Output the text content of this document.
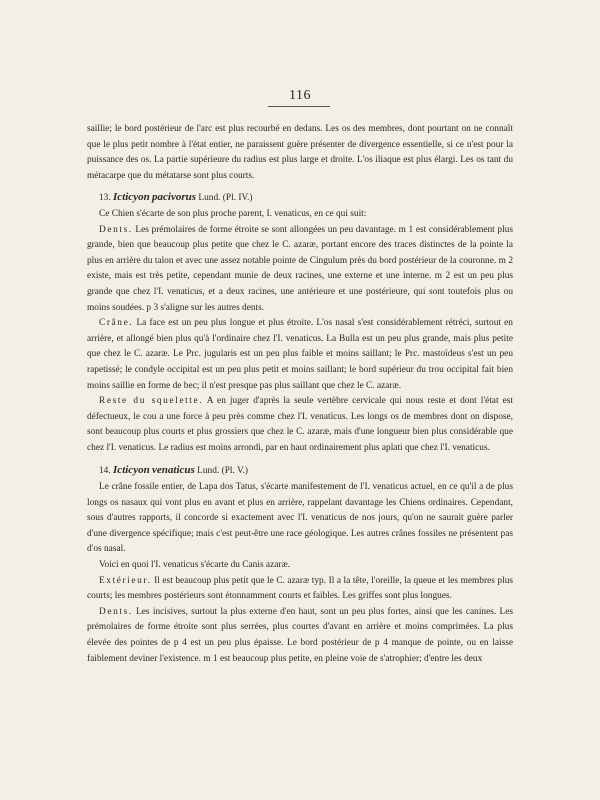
116

saillie; le bord postérieur de l'arc est plus recourbé en dedans. Les os des membres, dont pourtant on ne connaît que le plus petit nombre à l'état entier, ne paraissent guère présenter de divergence essentielle, si ce n'est pour la puissance des os. La partie supérieure du radius est plus large et droite. L'os iliaque est plus élargi. Les os tant du métacarpe que du métatarse sont plus courts.

13. Icticyon pacivorus Lund. (Pl. IV.)

Ce Chien s'écarte de son plus proche parent, I. venaticus, en ce qui suit:

Dents. Les prémolaires de forme étroite se sont allongées un peu davantage. m 1 est considérablement plus grande, bien que beaucoup plus petite que chez le C. azaræ, portant encore des traces distinctes de la pointe la plus en arrière du talon et avec une assez notable pointe de Cingulum près du bord postérieur de la couronne. m 2 existe, mais est très petite, cependant munie de deux racines, une externe et une interne. m 2 est un peu plus grande que chez l'I. venaticus, et a deux racines, une antérieure et une postérieure, qui sont toutefois plus ou moins soudées. p 3 s'aligne sur les autres dents.

Crâne. La face est un peu plus longue et plus étroite. L'os nasal s'est considérablement rétréci, surtout en arrière, et allongé bien plus qu'à l'ordinaire chez l'I. venaticus. La Bulla est un peu plus grande, mais plus petite que chez le C. azaræ. Le Prc. jugularis est un peu plus faible et moins saillant; le Prc. mastoïdeus s'est un peu rapetissé; le condyle occipital est un peu plus petit et moins saillant; le bord supérieur du trou occipital fait bien moins saillie en forme de bec; il n'est presque pas plus saillant que chez le C. azaræ.

Reste du squelette. A en juger d'après la seule vertèbre cervicale qui nous reste et dont l'état est défectueux, le cou a une force à peu près comme chez l'I. venaticus. Les longs os de membres dont on dispose, sont beaucoup plus courts et plus grossiers que chez le C. azaræ, mais d'une longueur bien plus considérable que chez l'I. venaticus. Le radius est moins arrondi, par en haut ordinairement plus aplati que chez l'I. venaticus.

14. Icticyon venaticus Lund. (Pl. V.)

Le crâne fossile entier, de Lapa dos Tatus, s'écarte manifestement de l'I. venaticus actuel, en ce qu'il a de plus longs os nasaux qui vont plus en avant et plus en arrière, rappelant davantage les Chiens ordinaires. Cependant, sous d'autres rapports, il concorde si exactement avec l'I. venaticus de nos jours, qu'on ne saurait guère parler d'une divergence spécifique; mais c'est peut-être une race géologique. Les autres crânes fossiles ne présentent pas d'os nasal.

Voici en quoi l'I. venaticus s'écarte du Canis azaræ.

Extérieur. Il est beaucoup plus petit que le C. azaræ typ. Il a la tête, l'oreille, la queue et les membres plus courts; les membres postérieurs sont étonnamment courts et faibles. Les griffes sont plus longues.

Dents. Les incisives, surtout la plus externe d'en haut, sont un peu plus fortes, ainsi que les canines. Les prémolaires de forme étroite sont plus serrées, plus courtes d'avant en arrière et moins comprimées. La plus élevée des pointes de p 4 est un peu plus épaisse. Le bord postérieur de p 4 manque de pointe, ou en laisse faiblement deviner l'existence. m 1 est beaucoup plus petite, en pleine voie de s'atrophier; d'entre les deux
